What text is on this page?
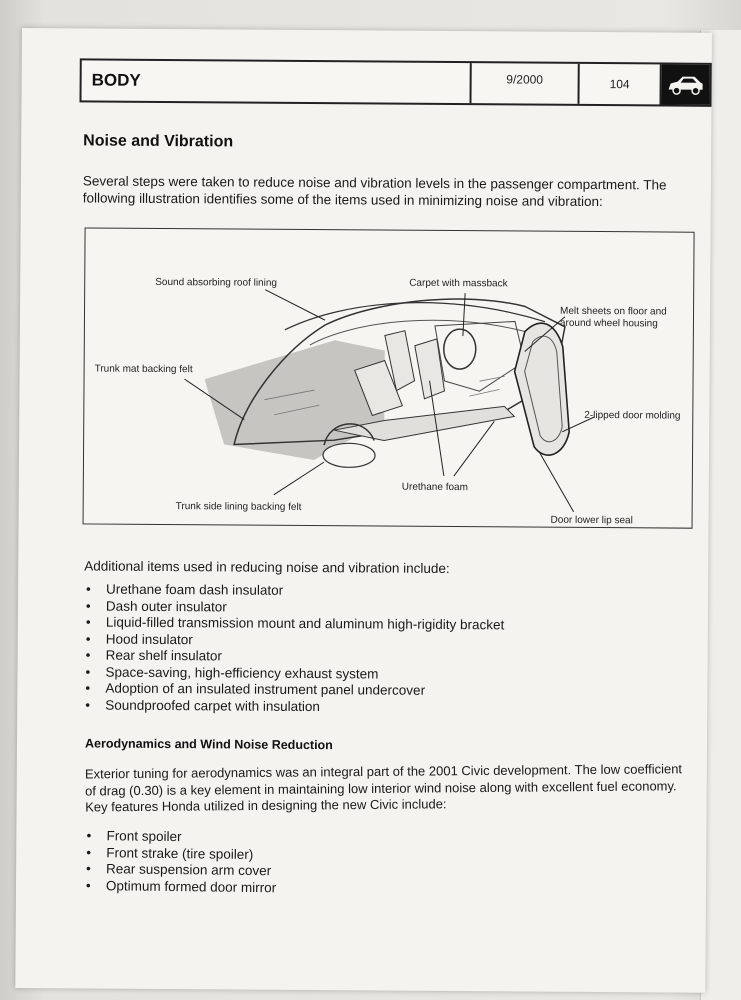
BODY	9/2000	104
Noise and Vibration

Several steps were taken to reduce noise and vibration levels in the passenger compartment. The following illustration identifies some of the items used in minimizing noise and vibration:

Sound absorbing roof lining	Carpet with massback
Melt sheets on floor and
around wheel housing
Trunk mat backing felt
2-lipped door molding
Urethane foam
Trunk side lining backing felt
Door lower lip seal

Additional items used in reducing noise and vibration include:

• Urethane foam dash insulator
• Dash outer insulator
• Liquid-filled transmission mount and aluminum high-rigidity bracket
• Hood insulator
• Rear shelf insulator
• Space-saving, high-efficiency exhaust system
• Adoption of an insulated instrument panel undercover
• Soundproofed carpet with insulation
Aerodynamics and Wind Noise Reduction

Exterior tuning for aerodynamics was an integral part of the 2001 Civic development. The low coefficient of drag (0.30) is a key element in maintaining low interior wind noise along with excellent fuel economy. Key features Honda utilized in designing the new Civic include:

• Front spoiler
• Front strake (tire spoiler)
• Rear suspension arm cover
• Optimum formed door mirror
